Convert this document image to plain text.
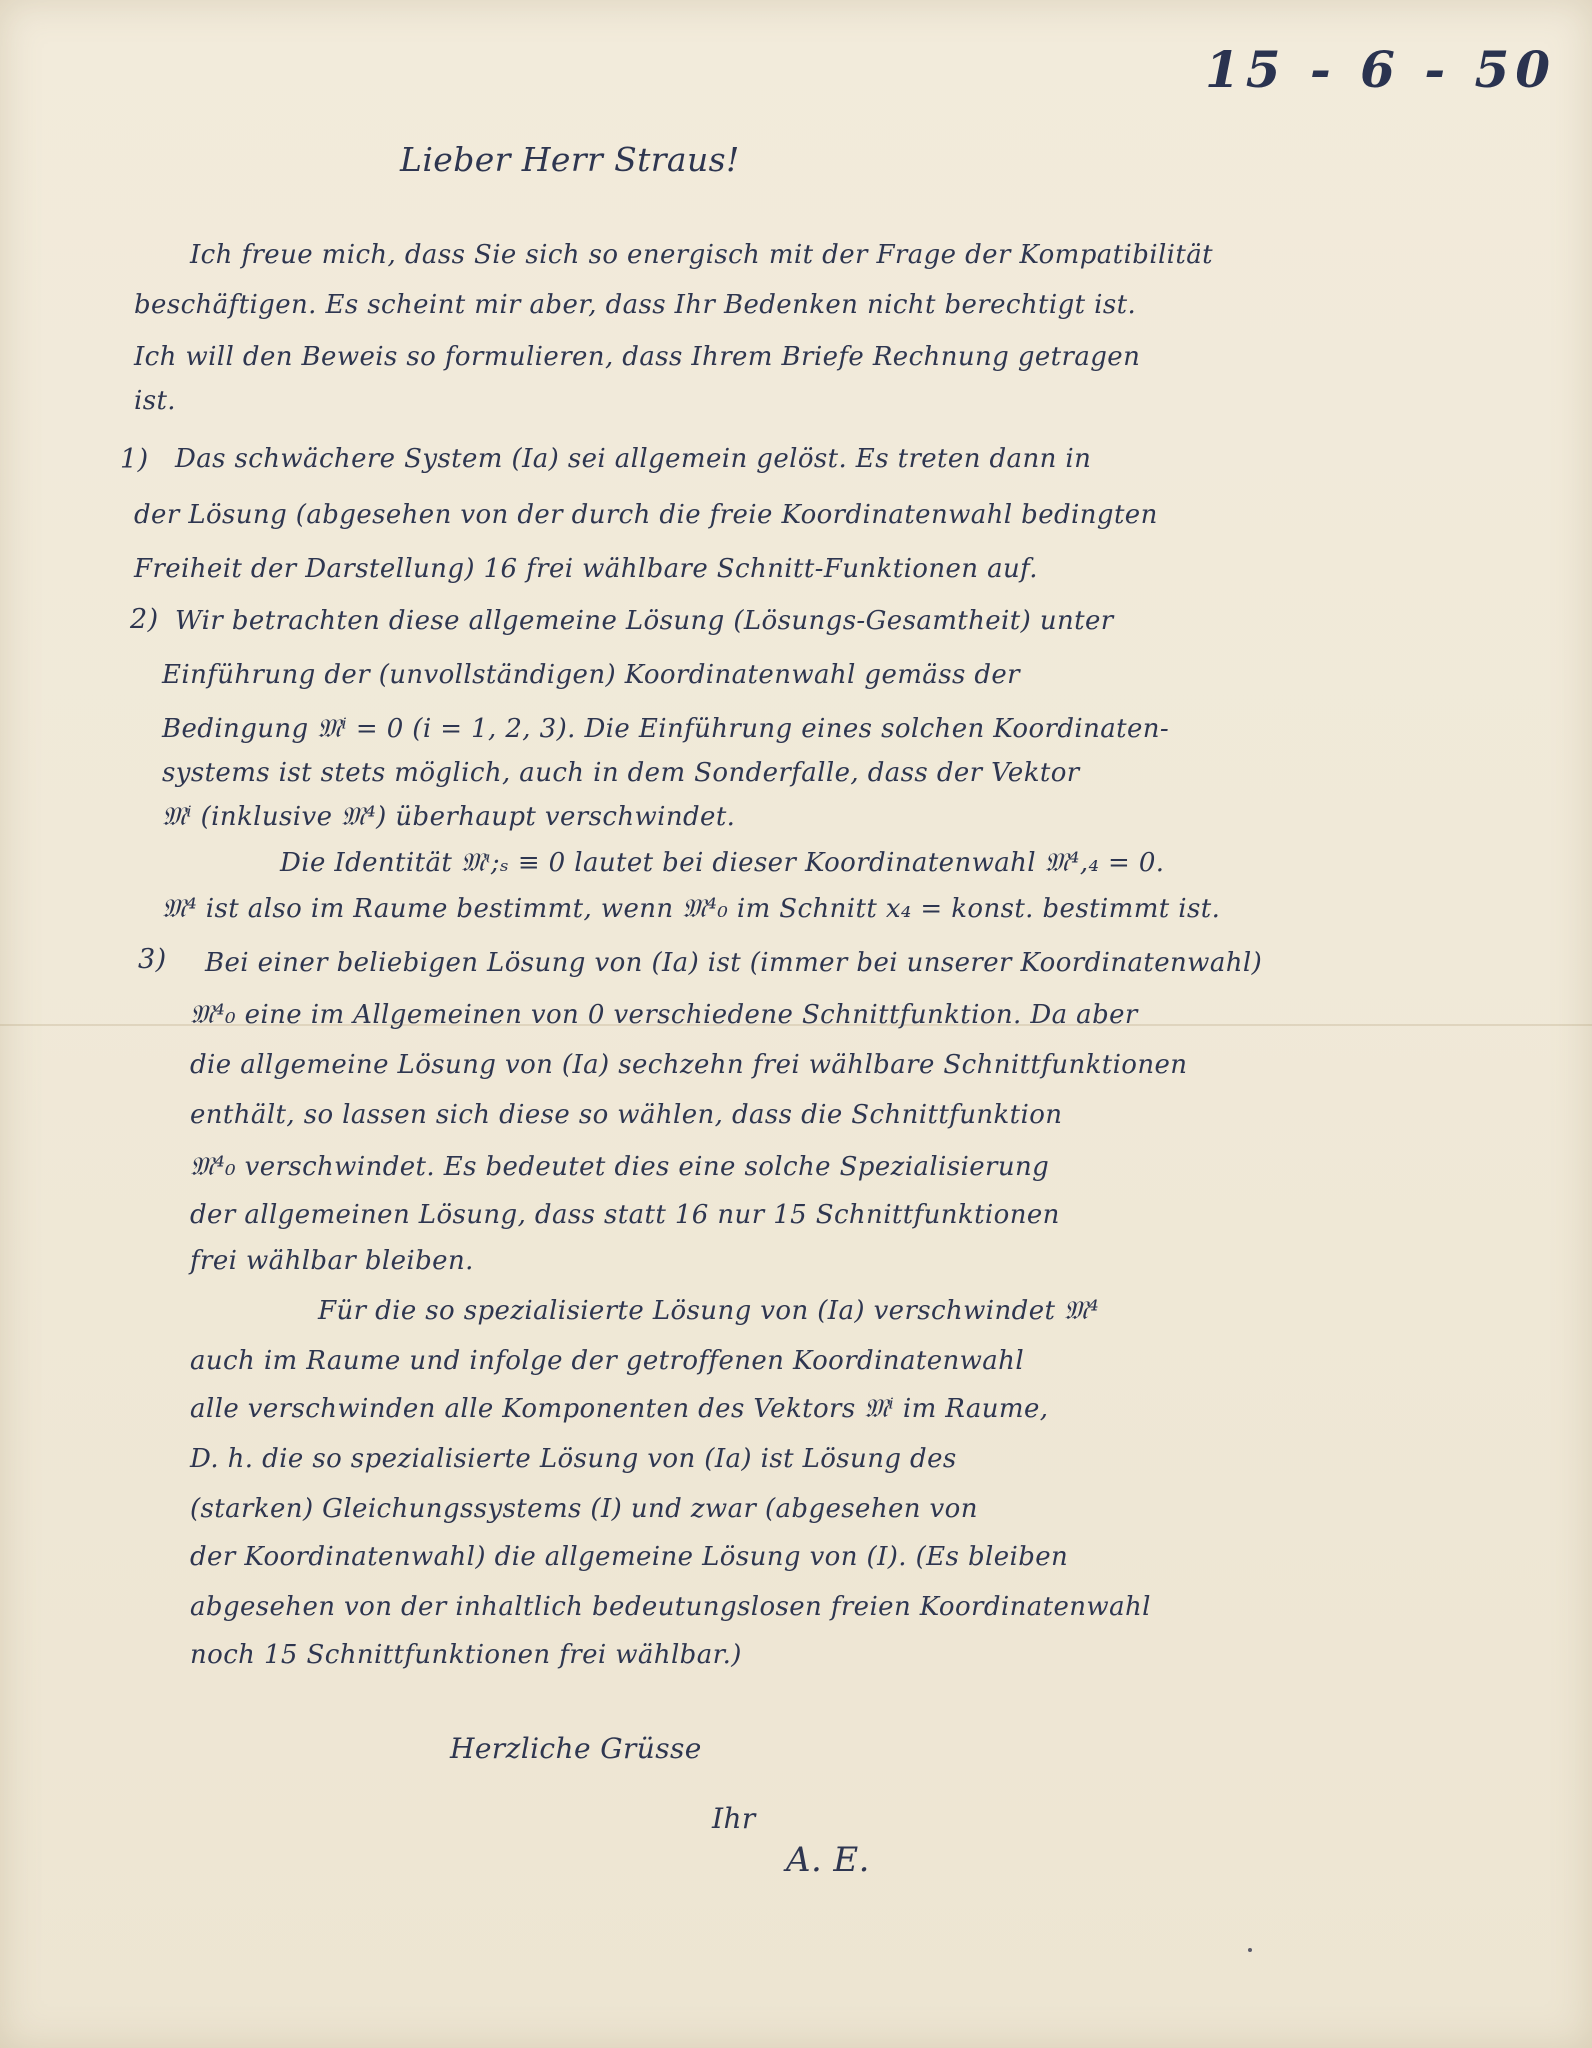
15 - 6 - 50
Lieber Herr Straus!
Ich freue mich, dass Sie sich so energisch mit der Frage der Kompatibilität
beschäftigen. Es scheint mir aber, dass Ihr Bedenken nicht berechtigt ist.
Ich will den Beweis so formulieren, dass Ihrem Briefe Rechnung getragen
ist.
1) Das schwächere System (Ia) sei allgemein gelöst. Es treten dann in
der Lösung (abgesehen von der durch die freie Koordinatenwahl bedingten
Freiheit der Darstellung) 16 frei wählbare Schnitt-Funktionen auf.
2) Wir betrachten diese allgemeine Lösung (Lösungs-Gesamtheit) unter
Einführung der (unvollständigen) Koordinatenwahl gemäss der
Bedingung 𝔐ⁱ = 0 (i = 1, 2, 3). Die Einführung eines solchen Koordinaten-
systems ist stets möglich, auch in dem Sonderfalle, dass der Vektor
𝔐ⁱ (inklusive 𝔐⁴) überhaupt verschwindet.
Die Identität 𝔐ᶥ;ₛ ≡ 0 lautet bei dieser Koordinatenwahl 𝔐⁴,₄ = 0.
𝔐⁴ ist also im Raume bestimmt, wenn 𝔐⁴₀ im Schnitt x₄ = konst. bestimmt ist.
3) Bei einer beliebigen Lösung von (Ia) ist (immer bei unserer Koordinatenwahl)
𝔐⁴₀ eine im Allgemeinen von 0 verschiedene Schnittfunktion. Da aber
die allgemeine Lösung von (Ia) sechzehn frei wählbare Schnittfunktionen
enthält, so lassen sich diese so wählen, dass die Schnittfunktion
𝔐⁴₀ verschwindet. Es bedeutet dies eine solche Spezialisierung
der allgemeinen Lösung, dass statt 16 nur 15 Schnittfunktionen
frei wählbar bleiben.
Für die so spezialisierte Lösung von (Ia) verschwindet 𝔐⁴
auch im Raume und infolge der getroffenen Koordinatenwahl
alle verschwinden alle Komponenten des Vektors 𝔐ⁱ im Raume,
D. h. die so spezialisierte Lösung von (Ia) ist Lösung des
(starken) Gleichungssystems (I) und zwar (abgesehen von
der Koordinatenwahl) die allgemeine Lösung von (I). (Es bleiben
abgesehen von der inhaltlich bedeutungslosen freien Koordinatenwahl
noch 15 Schnittfunktionen frei wählbar.)
Herzliche Grüsse
Ihr
A. E.
